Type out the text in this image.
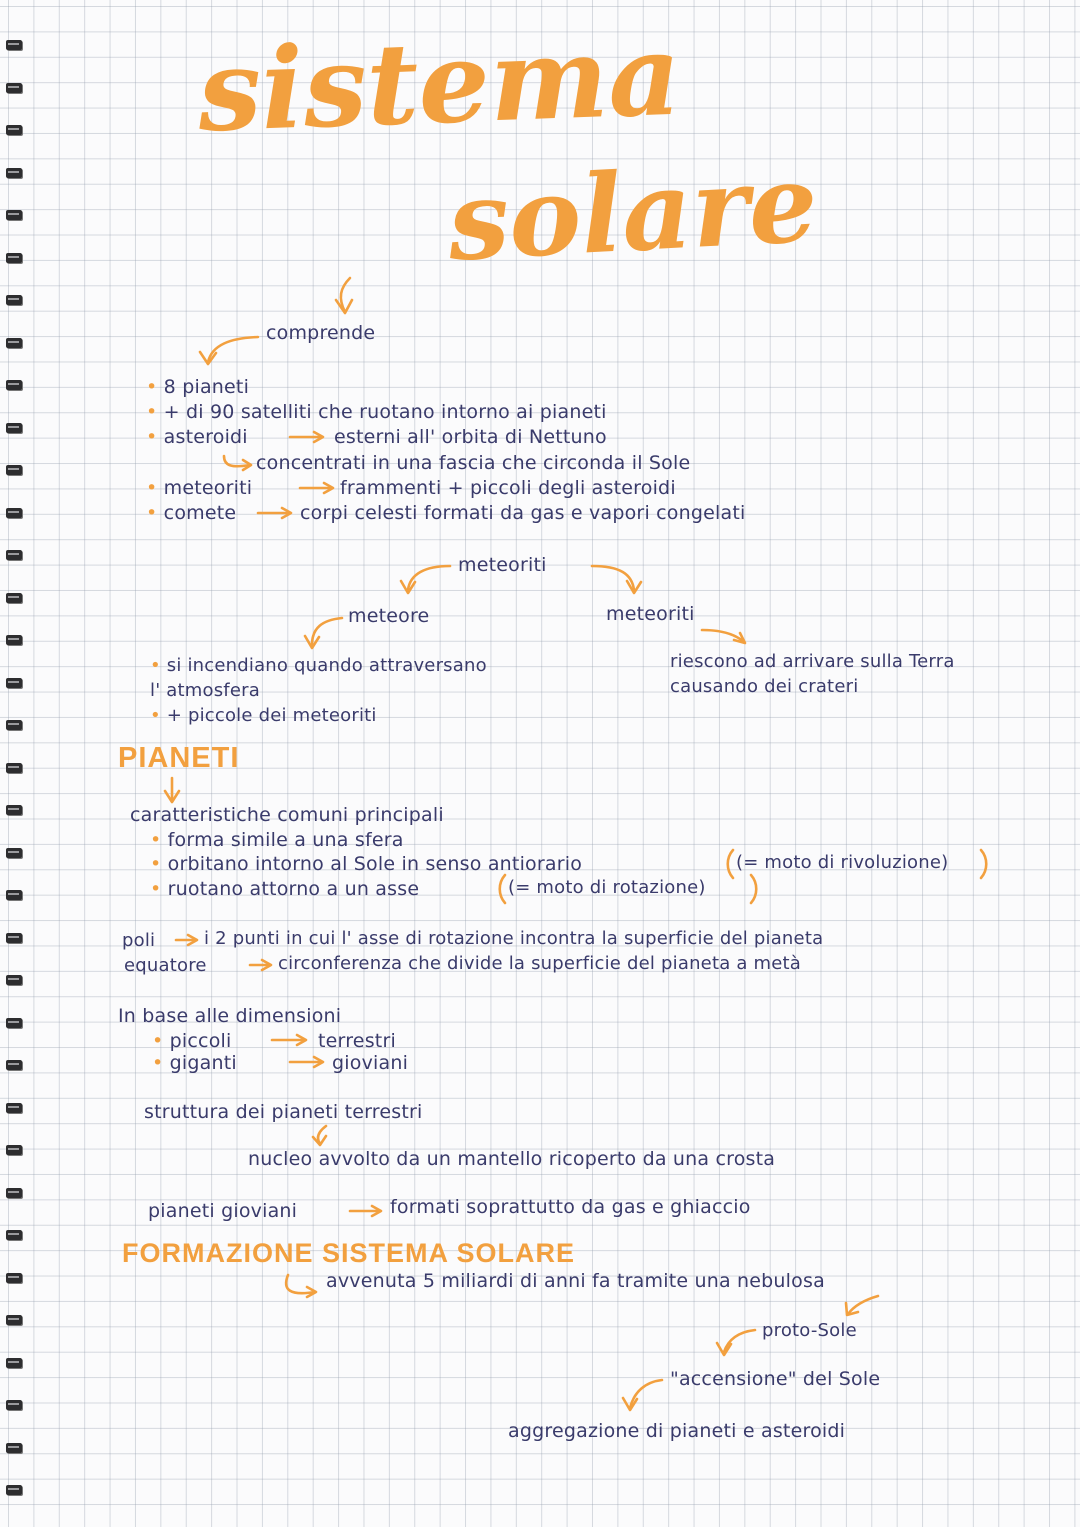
sistema
solare
comprende
• 8 pianeti
• + di 90 satelliti che ruotano intorno ai pianeti
• asteroidi	esterni all' orbita di Nettuno
concentrati in una fascia che circonda il Sole
• meteoriti	frammenti + piccoli degli asteroidi
• comete	corpi celesti formati da gas e vapori congelati
meteoriti
meteore	meteoriti
• si incendiano quando attraversano
l' atmosfera
• + piccole dei meteoriti
riescono ad arrivare sulla Terra
causando dei crateri
PIANETI
caratteristiche comuni principali
• forma simile a una sfera
• orbitano intorno al Sole in senso antiorario	(= moto di rivoluzione)
• ruotano attorno a un asse	(= moto di rotazione)
poli	i 2 punti in cui l' asse di rotazione incontra la superficie del pianeta
equatore	circonferenza che divide la superficie del pianeta a metà
In base alle dimensioni
• piccoli	terrestri
• giganti	gioviani
struttura dei pianeti terrestri
nucleo avvolto da un mantello ricoperto da una crosta
pianeti gioviani	formati soprattutto da gas e ghiaccio
FORMAZIONE SISTEMA SOLARE
avvenuta 5 miliardi di anni fa tramite una nebulosa
proto-Sole
"accensione" del Sole
aggregazione di pianeti e asteroidi
